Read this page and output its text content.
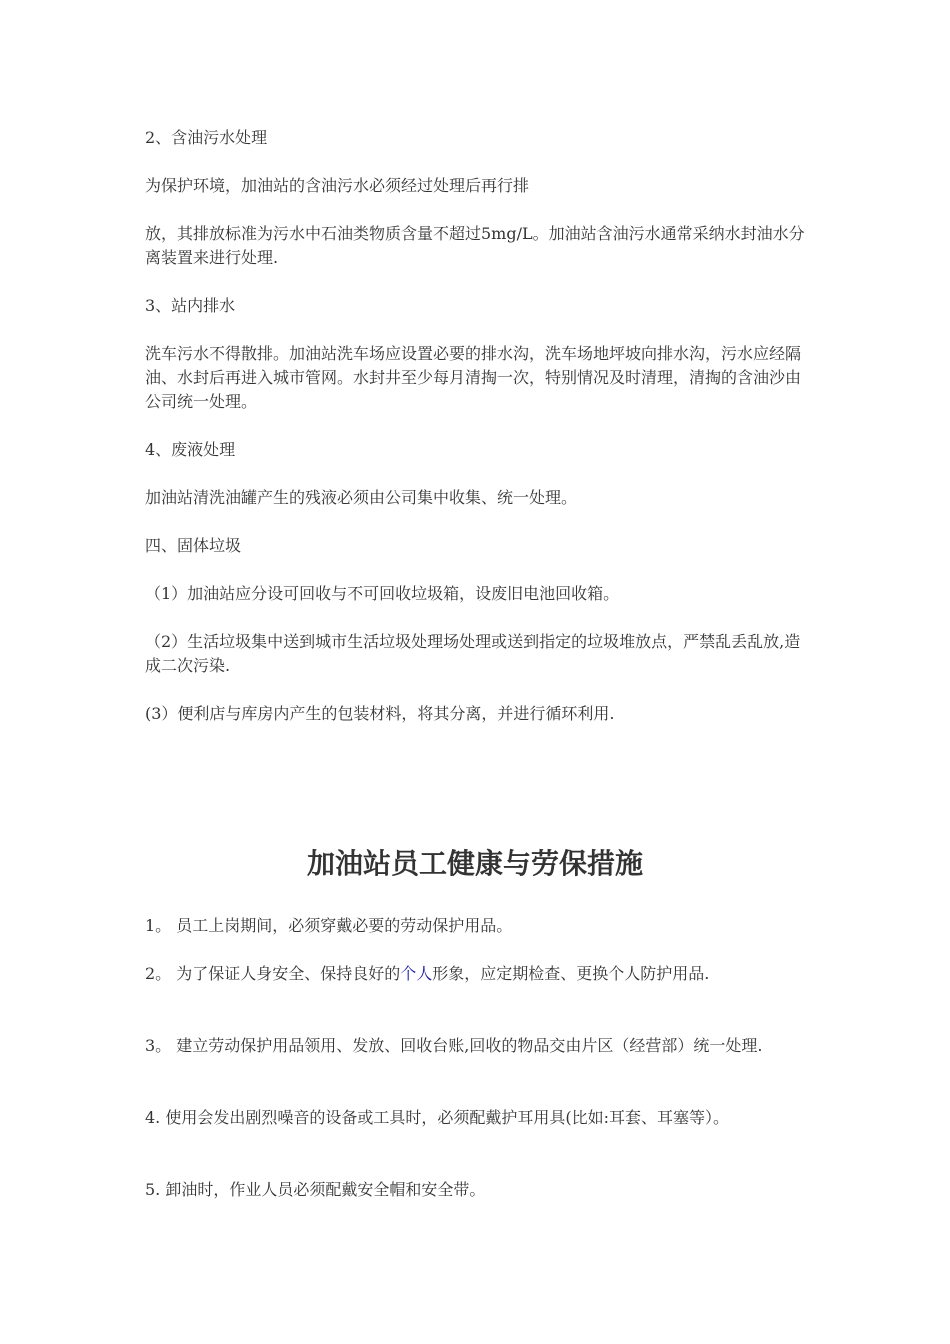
2、含油污水处理

为保护环境，加油站的含油污水必须经过处理后再行排

放，其排放标准为污水中石油类物质含量不超过5mg/L。加油站含油污水通常采纳水封油水分离装置来进行处理.

3、站内排水

洗车污水不得散排。加油站洗车场应设置必要的排水沟，洗车场地坪坡向排水沟，污水应经隔油、水封后再进入城市管网。水封井至少每月清掏一次，特别情况及时清理，清掏的含油沙由公司统一处理。

4、废液处理

加油站清洗油罐产生的残液必须由公司集中收集、统一处理。

四、固体垃圾

（1）加油站应分设可回收与不可回收垃圾箱，设废旧电池回收箱。

（2）生活垃圾集中送到城市生活垃圾处理场处理或送到指定的垃圾堆放点，严禁乱丢乱放,造成二次污染.

(3）便利店与库房内产生的包装材料，将其分离，并进行循环利用.

加油站员工健康与劳保措施

1。 员工上岗期间，必须穿戴必要的劳动保护用品。

2。 为了保证人身安全、保持良好的个人形象，应定期检查、更换个人防护用品.

3。 建立劳动保护用品领用、发放、回收台账,回收的物品交由片区（经营部）统一处理.

4. 使用会发出剧烈噪音的设备或工具时，必须配戴护耳用具(比如:耳套、耳塞等）。

5. 卸油时，作业人员必须配戴安全帽和安全带。
